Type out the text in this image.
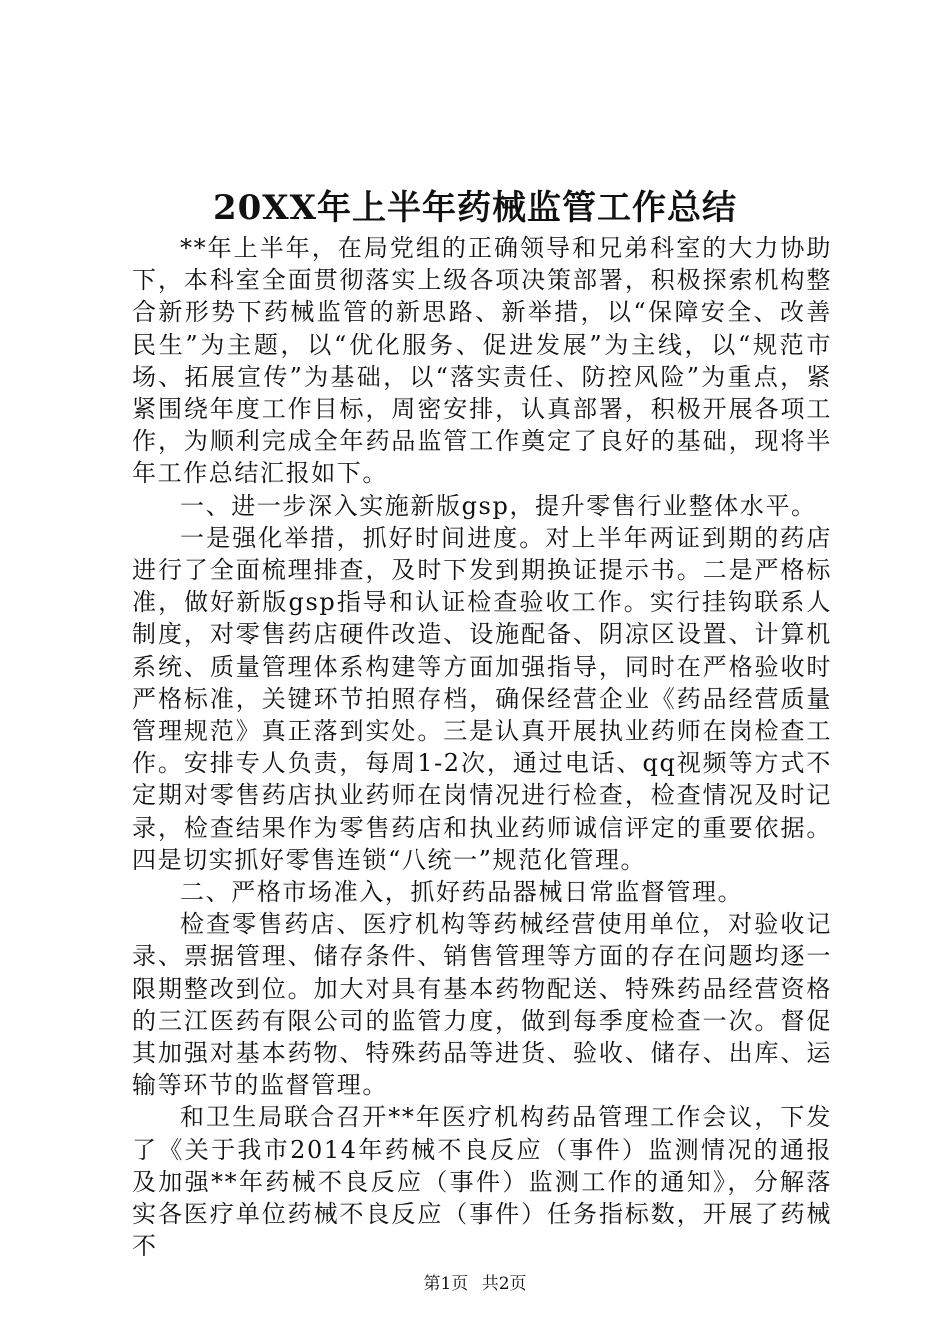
20XX年上半年药械监管工作总结

**年上半年，在局党组的正确领导和兄弟科室的大力协助下，本科室全面贯彻落实上级各项决策部署，积极探索机构整合新形势下药械监管的新思路、新举措，以“保障安全、改善民生”为主题，以“优化服务、促进发展”为主线，以“规范市场、拓展宣传”为基础，以“落实责任、防控风险”为重点，紧紧围绕年度工作目标，周密安排，认真部署，积极开展各项工作，为顺利完成全年药品监管工作奠定了良好的基础，现将半年工作总结汇报如下。

一、进一步深入实施新版gsp，提升零售行业整体水平。

一是强化举措，抓好时间进度。对上半年两证到期的药店进行了全面梳理排查，及时下发到期换证提示书。二是严格标准，做好新版gsp指导和认证检查验收工作。实行挂钩联系人制度，对零售药店硬件改造、设施配备、阴凉区设置、计算机系统、质量管理体系构建等方面加强指导，同时在严格验收时严格标准，关键环节拍照存档，确保经营企业《药品经营质量管理规范》真正落到实处。三是认真开展执业药师在岗检查工作。安排专人负责，每周1-2次，通过电话、qq视频等方式不定期对零售药店执业药师在岗情况进行检查，检查情况及时记录，检查结果作为零售药店和执业药师诚信评定的重要依据。四是切实抓好零售连锁“八统一”规范化管理。

二、严格市场准入，抓好药品器械日常监督管理。

检查零售药店、医疗机构等药械经营使用单位，对验收记录、票据管理、储存条件、销售管理等方面的存在问题均逐一限期整改到位。加大对具有基本药物配送、特殊药品经营资格的三江医药有限公司的监管力度，做到每季度检查一次。督促其加强对基本药物、特殊药品等进货、验收、储存、出库、运输等环节的监督管理。

和卫生局联合召开**年医疗机构药品管理工作会议，下发了《关于我市2014年药械不良反应（事件）监测情况的通报及加强**年药械不良反应（事件）监测工作的通知》，分解落实各医疗单位药械不良反应（事件）任务指标数，开展了药械不

第1页 共2页
